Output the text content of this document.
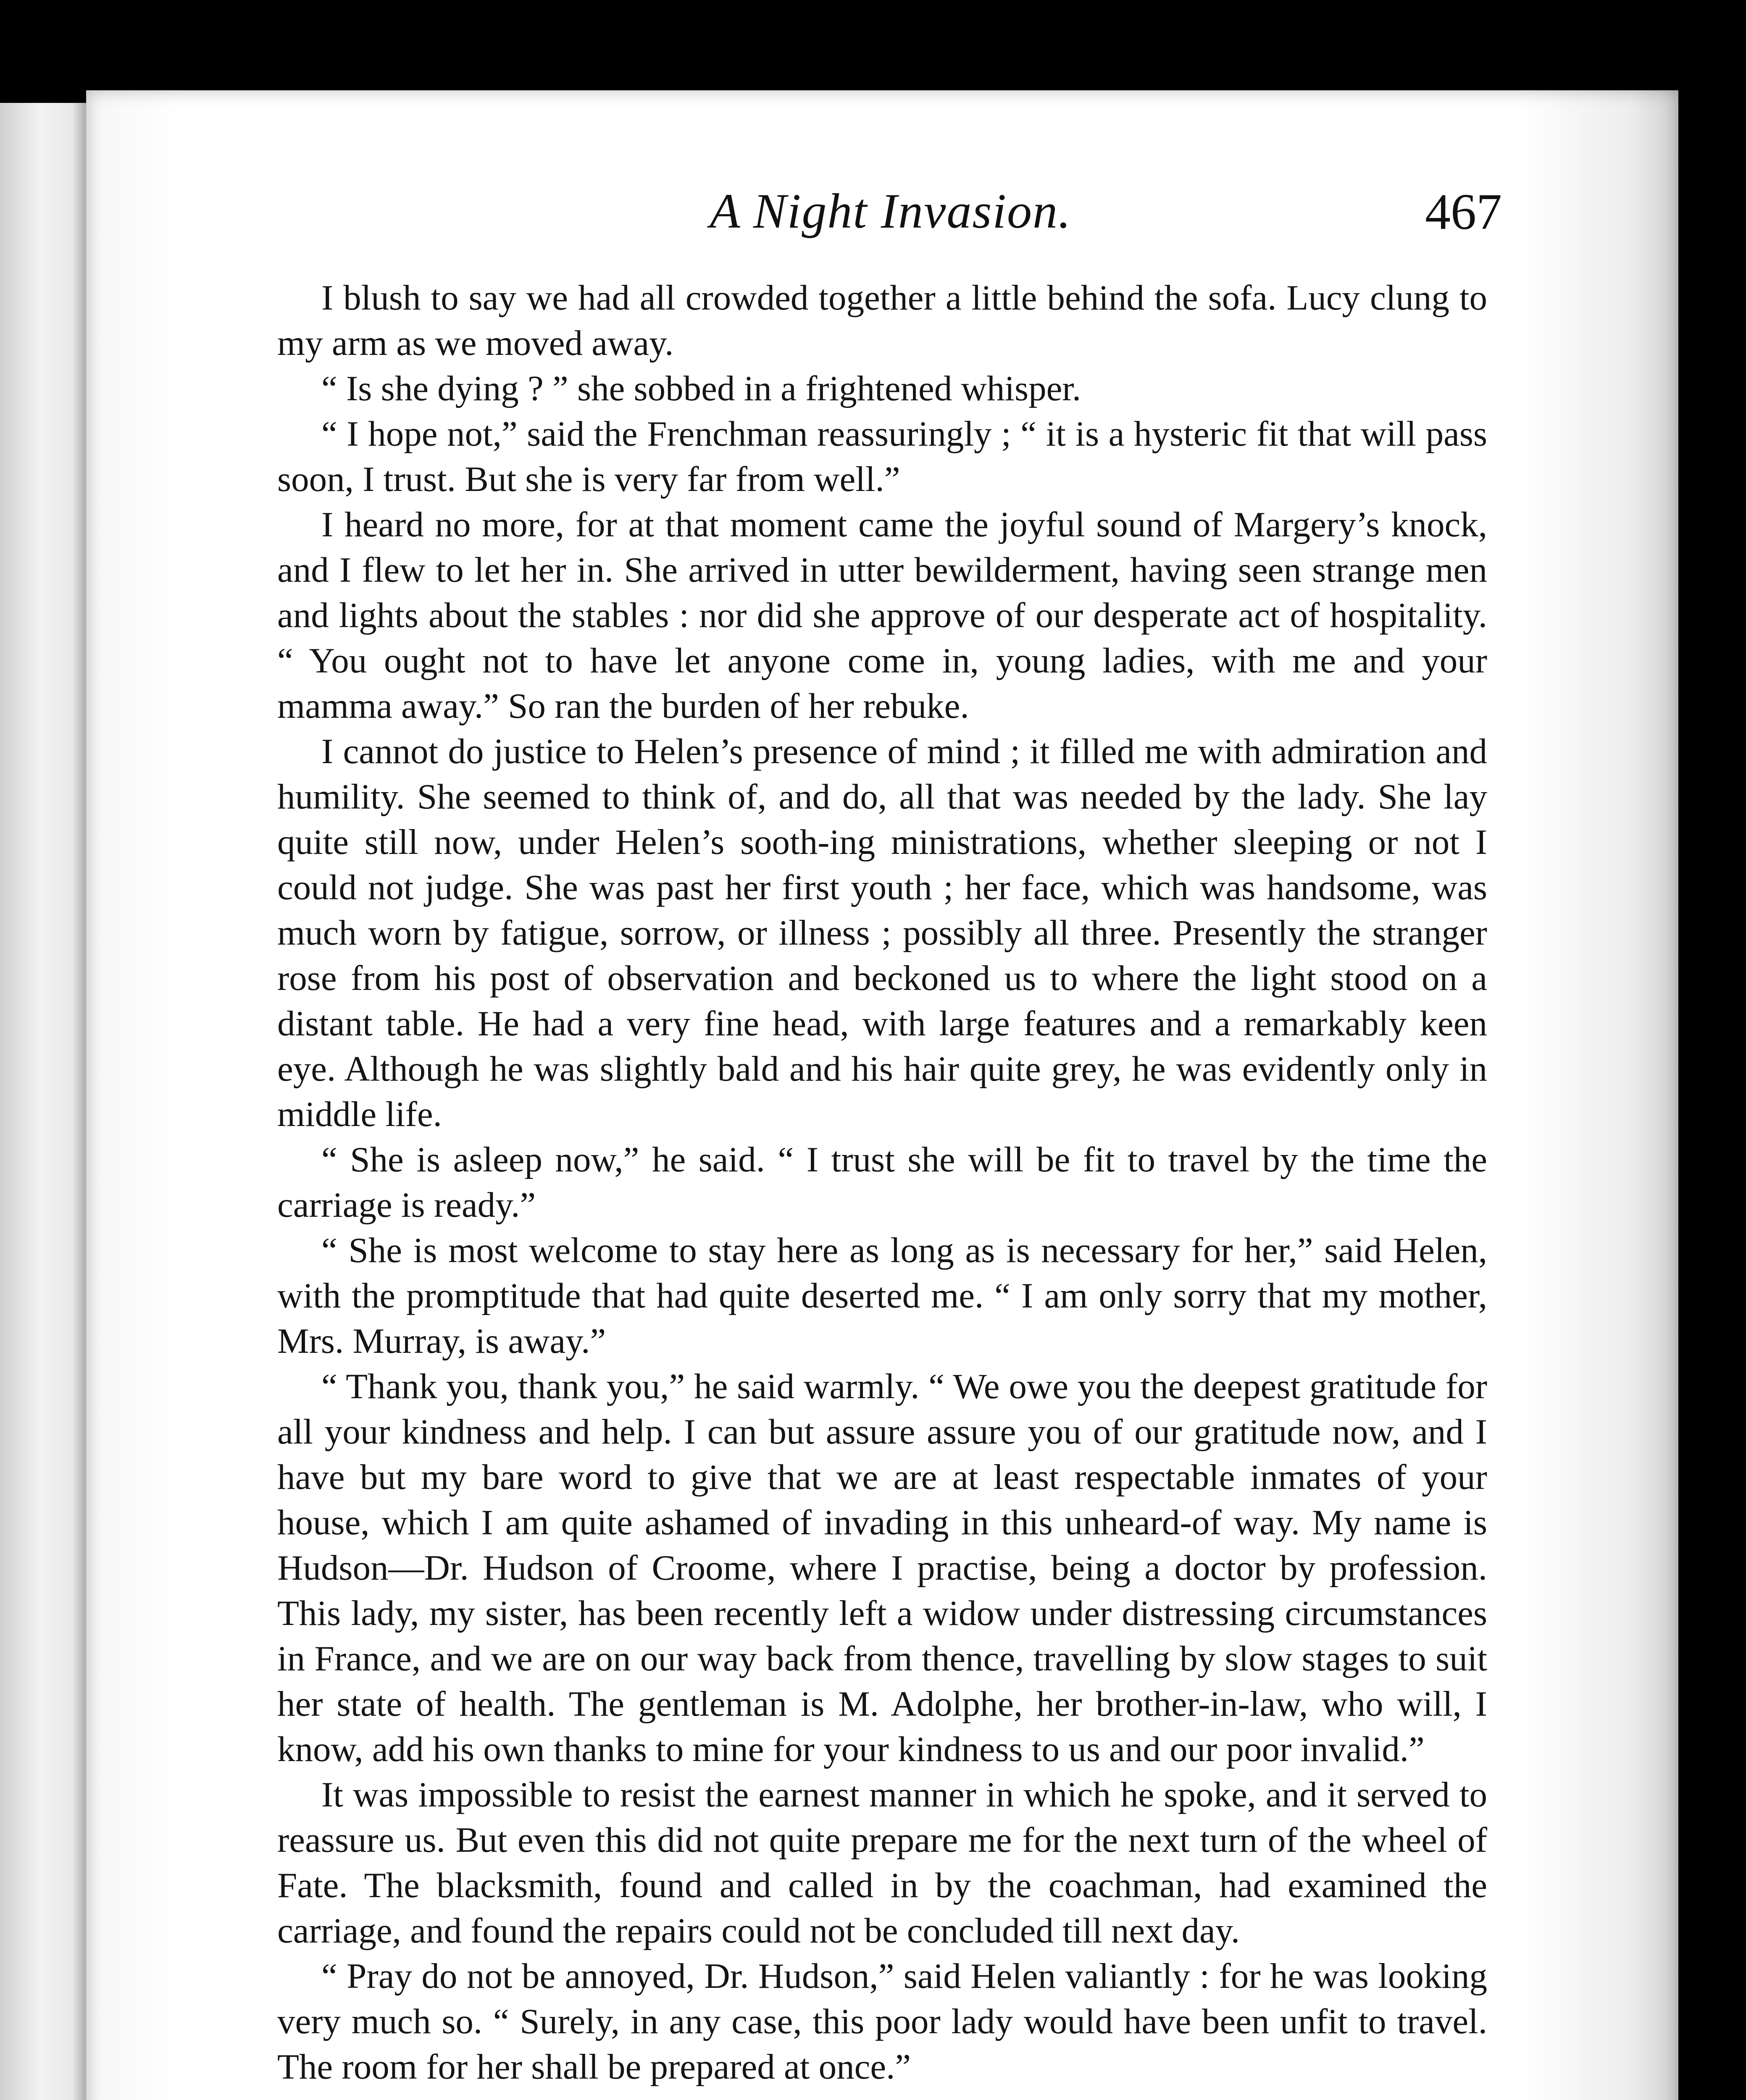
A Night Invasion.	467

I blush to say we had all crowded together a little behind the sofa. Lucy clung to my arm as we moved away.

“ Is she dying ? ” she sobbed in a frightened whisper.

“ I hope not,” said the Frenchman reassuringly ; “ it is a hysteric fit that will pass soon, I trust. But she is very far from well.”

I heard no more, for at that moment came the joyful sound of Margery’s knock, and I flew to let her in. She arrived in utter bewilderment, having seen strange men and lights about the stables : nor did she approve of our desperate act of hospitality. “ You ought not to have let anyone come in, young ladies, with me and your mamma away.” So ran the burden of her rebuke.

I cannot do justice to Helen’s presence of mind ; it filled me with admiration and humility. She seemed to think of, and do, all that was needed by the lady. She lay quite still now, under Helen’s sooth-ing ministrations, whether sleeping or not I could not judge. She was past her first youth ; her face, which was handsome, was much worn by fatigue, sorrow, or illness ; possibly all three. Presently the stranger rose from his post of observation and beckoned us to where the light stood on a distant table. He had a very fine head, with large features and a remarkably keen eye. Although he was slightly bald and his hair quite grey, he was evidently only in middle life.

“ She is asleep now,” he said. “ I trust she will be fit to travel by the time the carriage is ready.”

“ She is most welcome to stay here as long as is necessary for her,” said Helen, with the promptitude that had quite deserted me. “ I am only sorry that my mother, Mrs. Murray, is away.”

“ Thank you, thank you,” he said warmly. “ We owe you the deepest gratitude for all your kindness and help. I can but assure assure you of our gratitude now, and I have but my bare word to give that we are at least respectable inmates of your house, which I am quite ashamed of invading in this unheard-of way. My name is Hudson—Dr. Hudson of Croome, where I practise, being a doctor by profession. This lady, my sister, has been recently left a widow under distressing circumstances in France, and we are on our way back from thence, travelling by slow stages to suit her state of health. The gentleman is M. Adolphe, her brother-in-law, who will, I know, add his own thanks to mine for your kindness to us and our poor invalid.”

It was impossible to resist the earnest manner in which he spoke, and it served to reassure us. But even this did not quite prepare me for the next turn of the wheel of Fate. The blacksmith, found and called in by the coachman, had examined the carriage, and found the repairs could not be concluded till next day.

“ Pray do not be annoyed, Dr. Hudson,” said Helen valiantly : for he was looking very much so. “ Surely, in any case, this poor lady would have been unfit to travel. The room for her shall be prepared at once.”
